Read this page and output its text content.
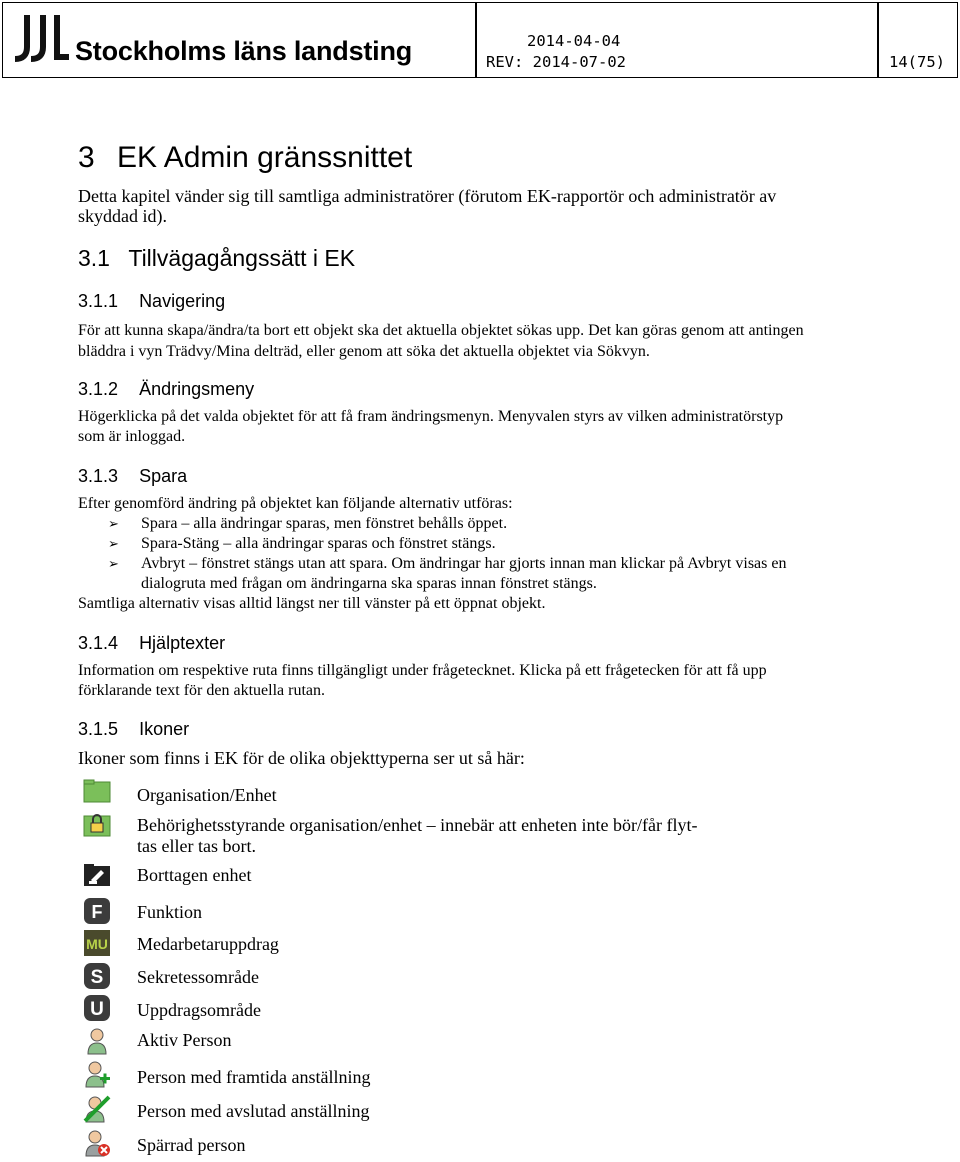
Stockholms läns landsting	2014-04-04
REV: 2014-07-02	14(75)
3 EK Admin gränssnittet
Detta kapitel vänder sig till samtliga administratörer (förutom EK-rapportör och administratör av
skyddad id).
3.1 Tillvägagångssätt i EK
3.1.1 Navigering
För att kunna skapa/ändra/ta bort ett objekt ska det aktuella objektet sökas upp. Det kan göras genom att antingen
bläddra i vyn Trädvy/Mina delträd, eller genom att söka det aktuella objektet via Sökvyn.
3.1.2 Ändringsmeny
Högerklicka på det valda objektet för att få fram ändringsmenyn. Menyvalen styrs av vilken administratörstyp
som är inloggad.
3.1.3 Spara
Efter genomförd ändring på objektet kan följande alternativ utföras:
➢ Spara – alla ändringar sparas, men fönstret behålls öppet.
➢ Spara-Stäng – alla ändringar sparas och fönstret stängs.
➢ Avbryt – fönstret stängs utan att spara. Om ändringar har gjorts innan man klickar på Avbryt visas en
dialogruta med frågan om ändringarna ska sparas innan fönstret stängs.
Samtliga alternativ visas alltid längst ner till vänster på ett öppnat objekt.
3.1.4 Hjälptexter
Information om respektive ruta finns tillgängligt under frågetecknet. Klicka på ett frågetecken för att få upp
förklarande text för den aktuella rutan.
3.1.5 Ikoner
Ikoner som finns i EK för de olika objekttyperna ser ut så här:
Organisation/Enhet
Behörighetsstyrande organisation/enhet – innebär att enheten inte bör/får flyt-
tas eller tas bort.
Borttagen enhet
F Funktion
MU Medarbetaruppdrag
S Sekretessområde
U Uppdragsområde
Aktiv Person
Person med framtida anställning
Person med avslutad anställning
Spärrad person
